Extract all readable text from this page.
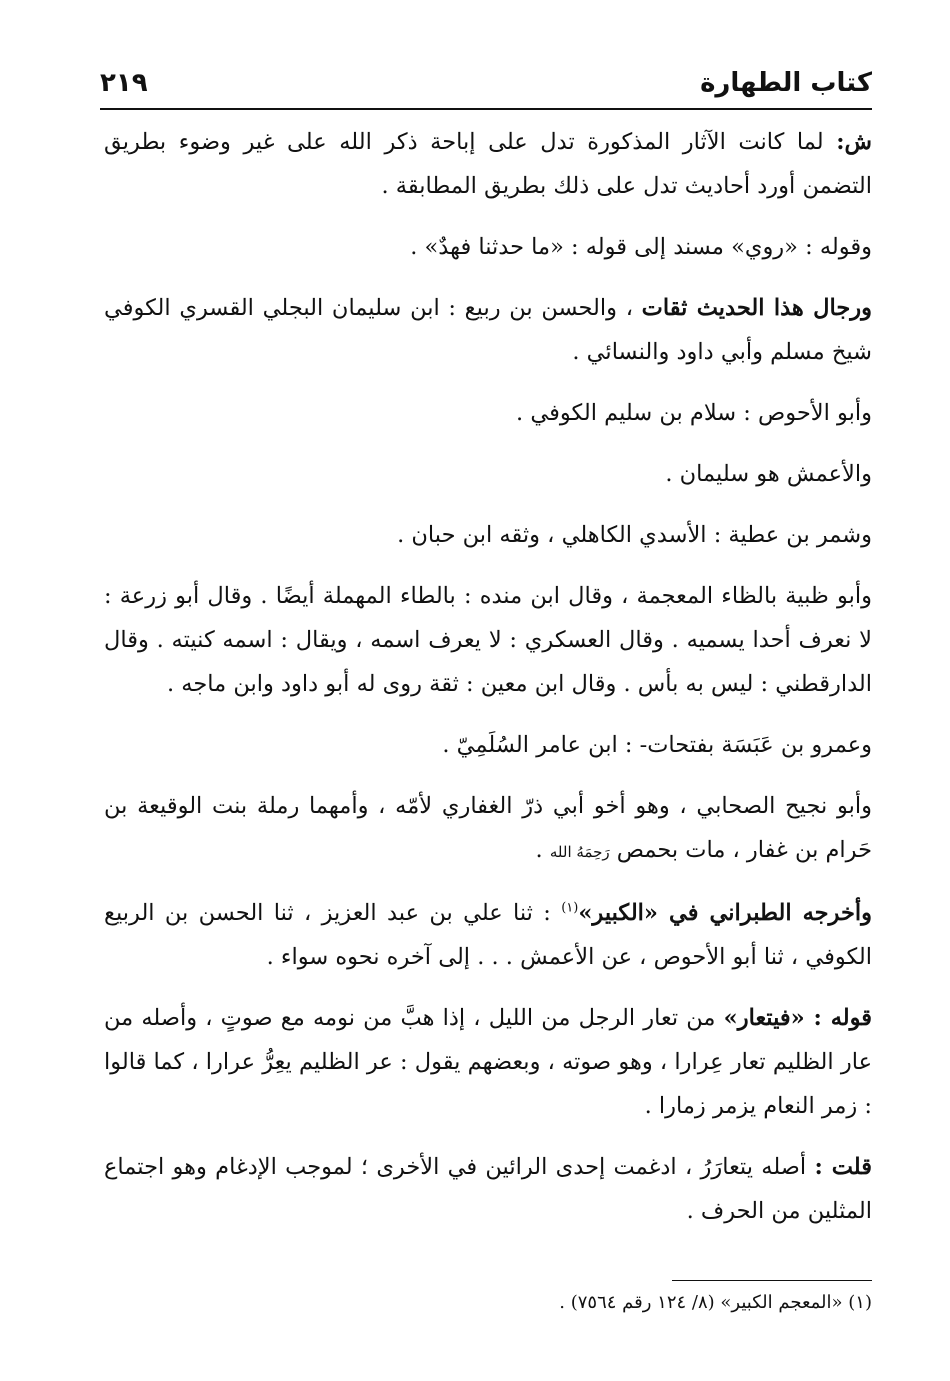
كتاب الطهارة
٢١٩

ش: لما كانت الآثار المذكورة تدل على إباحة ذكر الله على غير وضوء بطريق التضمن أورد أحاديث تدل على ذلك بطريق المطابقة .

وقوله : «روي» مسند إلى قوله : «ما حدثنا فهدٌ» .

ورجال هذا الحديث ثقات ، والحسن بن ربيع : ابن سليمان البجلي القسري الكوفي شيخ مسلم وأبي داود والنسائي .

وأبو الأحوص : سلام بن سليم الكوفي .

والأعمش هو سليمان .

وشمر بن عطية : الأسدي الكاهلي ، وثقه ابن حبان .

وأبو ظبية بالظاء المعجمة ، وقال ابن منده : بالطاء المهملة أيضًا . وقال أبو زرعة : لا نعرف أحدا يسميه . وقال العسكري : لا يعرف اسمه ، ويقال : اسمه كنيته . وقال الدارقطني : ليس به بأس . وقال ابن معين : ثقة روى له أبو داود وابن ماجه .

وعمرو بن عَبَسَة بفتحات- : ابن عامر السُلَمِيّ .

وأبو نجيح الصحابي ، وهو أخو أبي ذرّ الغفاري لأمّه ، وأمهما رملة بنت الوقيعة بن حَرام بن غفار ، مات بحمص رَحِمَهُ الله .

وأخرجه الطبراني في «الكبير»$^{(١)}$ : ثنا علي بن عبد العزيز ، ثنا الحسن بن الربيع الكوفي ، ثنا أبو الأحوص ، عن الأعمش . . . إلى آخره نحوه سواء .

قوله : «فيتعار» من تعار الرجل من الليل ، إذا هبَّ من نومه مع صوتٍ ، وأصله من عار الظليم تعار عِرارا ، وهو صوته ، وبعضهم يقول : عر الظليم يعِرُّ عرارا ، كما قالوا : زمر النعام يزمر زمارا .

قلت : أصله يتعارَرُ ، ادغمت إحدى الرائين في الأخرى ؛ لموجب الإدغام وهو اجتماع المثلين من الحرف .

(١) «المعجم الكبير» (٨/ ١٢٤ رقم ٧٥٦٤) .
